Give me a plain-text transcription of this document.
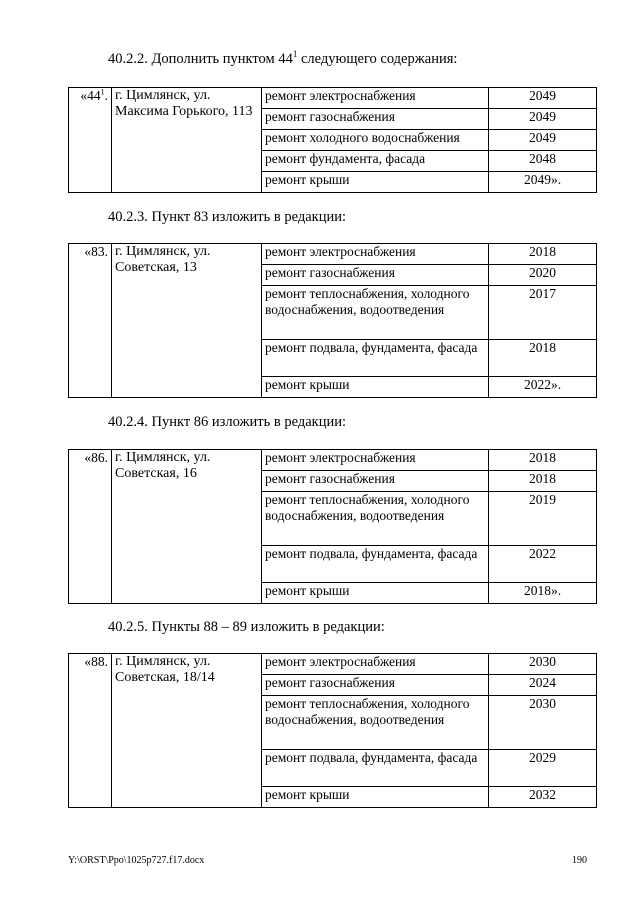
40.2.2. Дополнить пунктом $44^1$ следующего содержания:
«$44^1$.	г. Цимлянск, ул. Максима Горького, 113	ремонт электроснабжения	2049
		ремонт газоснабжения	2049
		ремонт холодного водоснабжения	2049
		ремонт фундамента, фасада	2048
		ремонт крыши	2049».
40.2.3. Пункт 83 изложить в редакции:
«83.	г. Цимлянск, ул. Советская, 13	ремонт электроснабжения	2018
		ремонт газоснабжения	2020
		ремонт теплоснабжения, холодного водоснабжения, водоотведения	2017
		ремонт подвала, фундамента, фасада	2018
		ремонт крыши	2022».
40.2.4. Пункт 86 изложить в редакции:
«86.	г. Цимлянск, ул. Советская, 16	ремонт электроснабжения	2018
		ремонт газоснабжения	2018
		ремонт теплоснабжения, холодного водоснабжения, водоотведения	2019
		ремонт подвала, фундамента, фасада	2022
		ремонт крыши	2018».
40.2.5. Пункты 88 – 89 изложить в редакции:
«88.	г. Цимлянск, ул. Советская, 18/14	ремонт электроснабжения	2030
		ремонт газоснабжения	2024
		ремонт теплоснабжения, холодного водоснабжения, водоотведения	2030
		ремонт подвала, фундамента, фасада	2029
		ремонт крыши	2032
Y:\ORST\Ppo\1025p727.f17.docx	190
